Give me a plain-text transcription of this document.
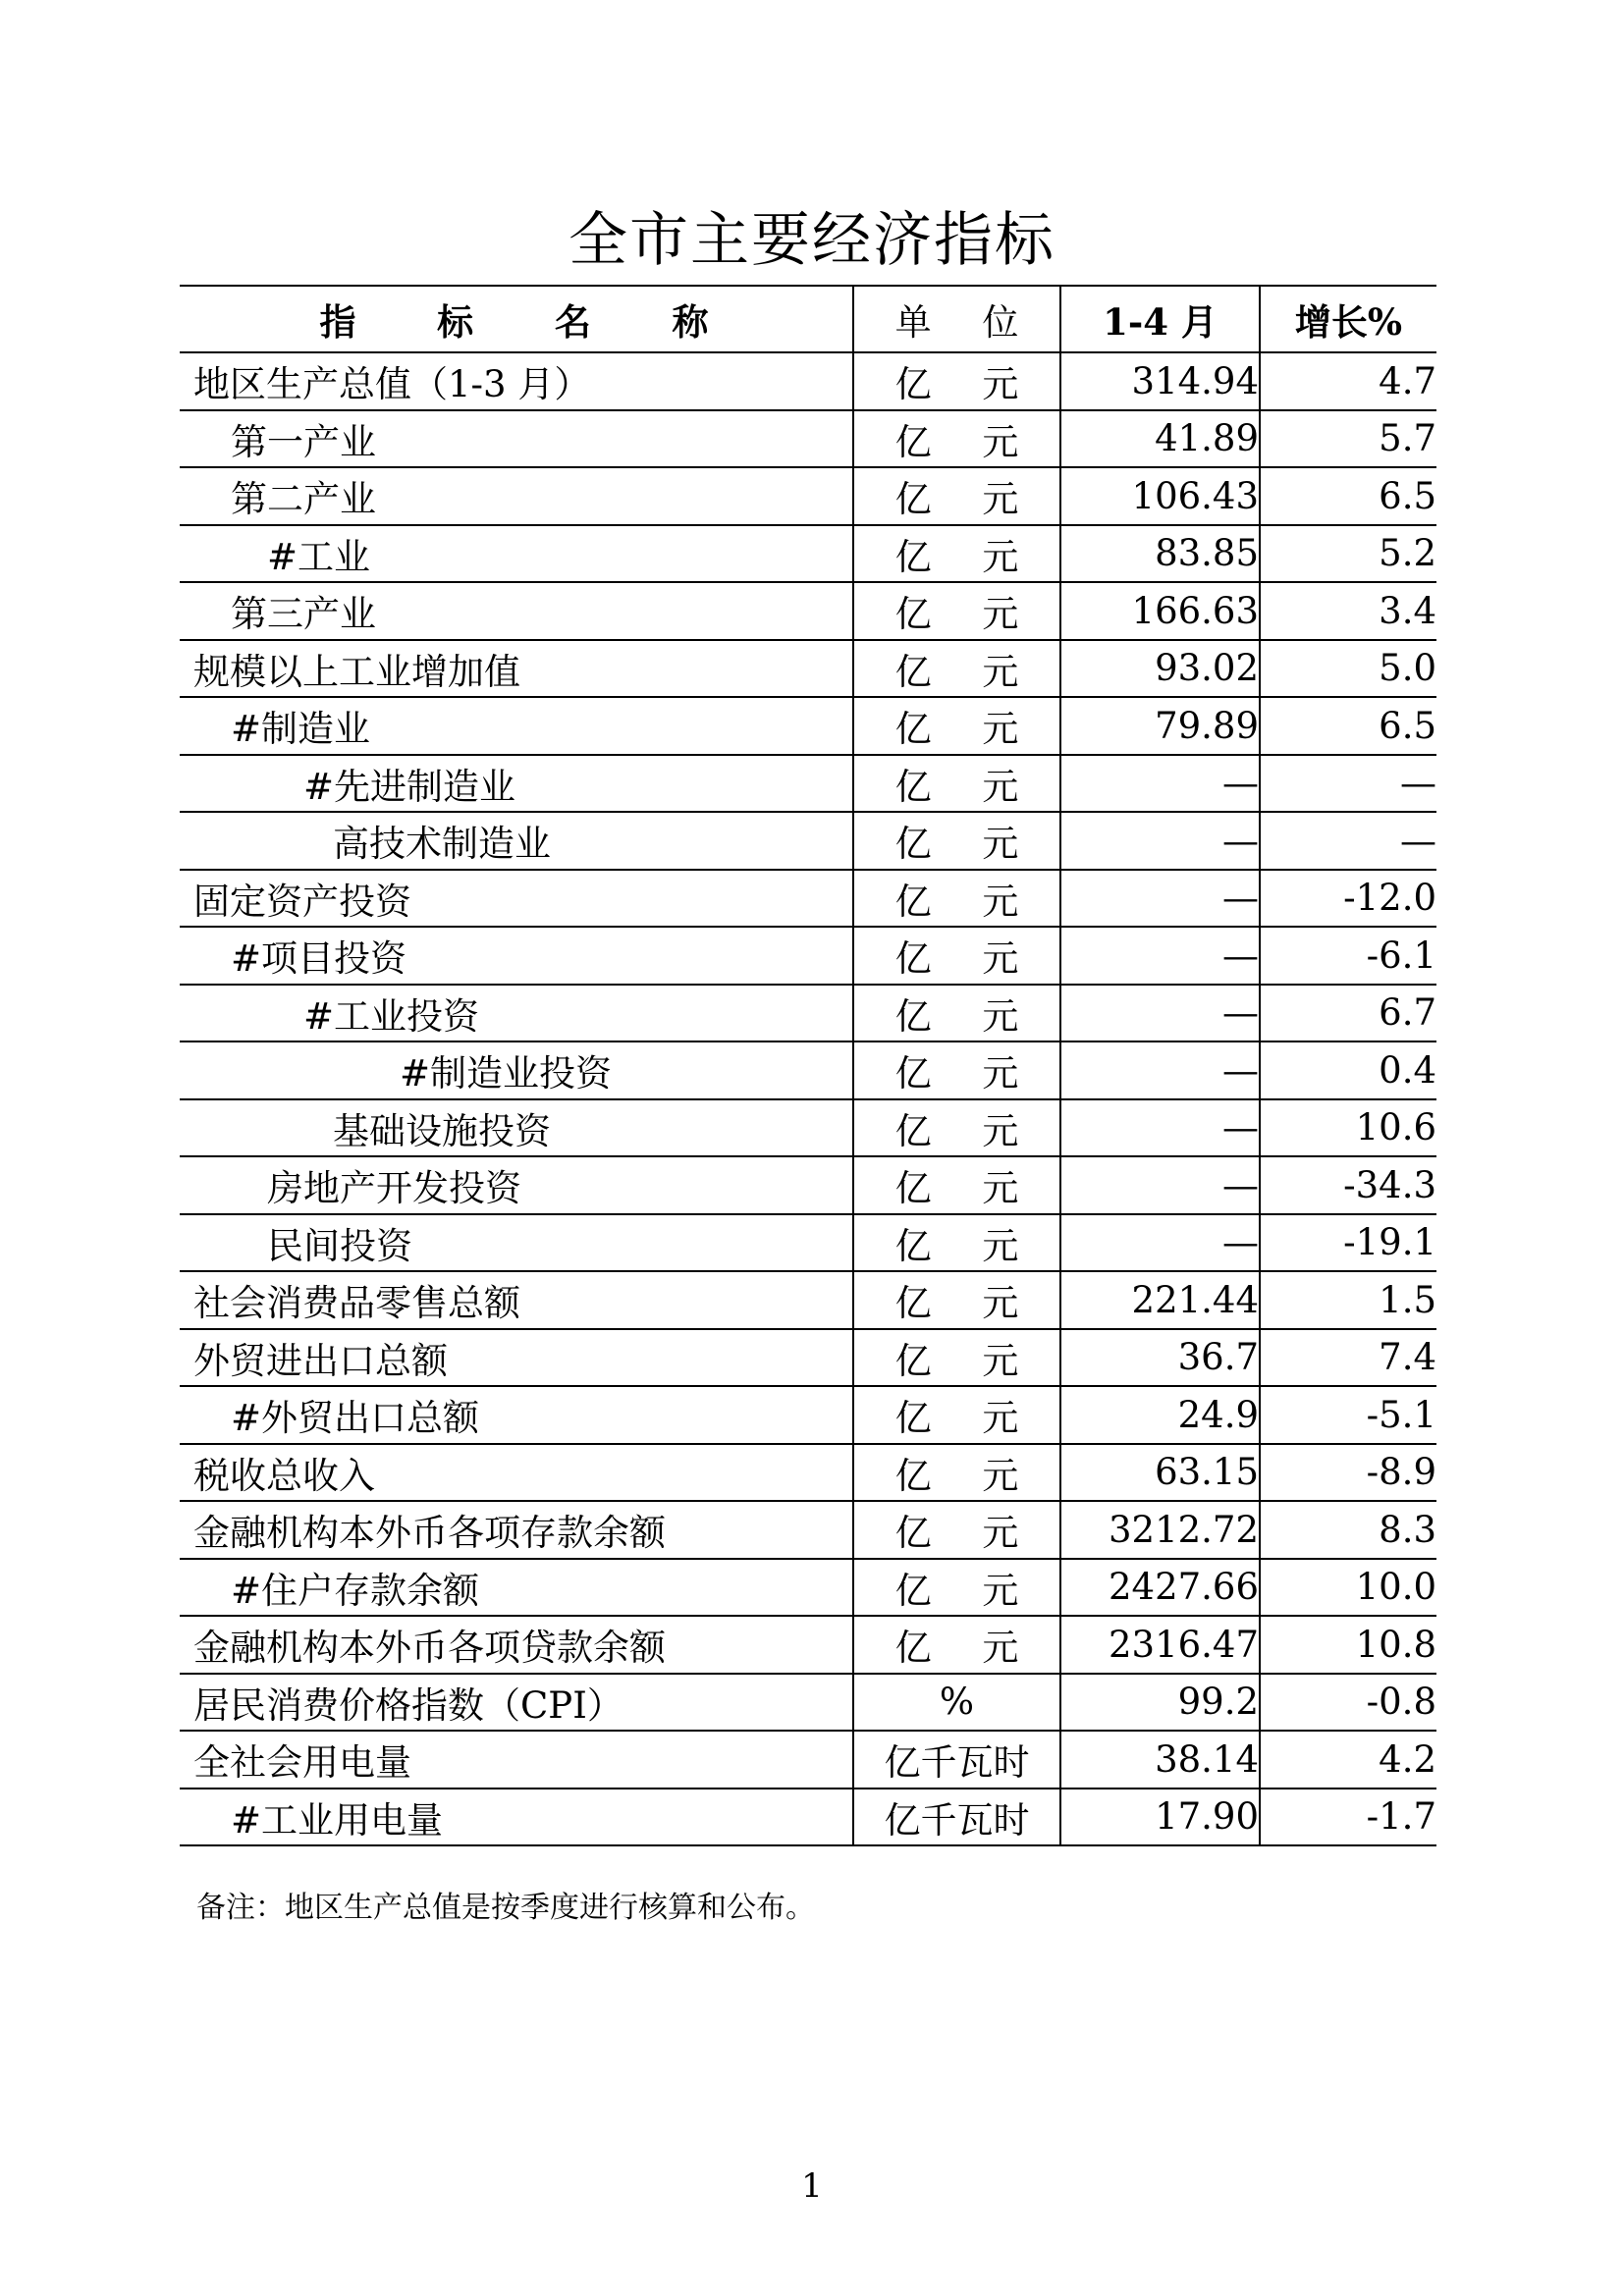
全市主要经济指标
指 标 名 称	单 位	1-4 月	增长%
地区生产总值（1-3 月）	亿 元	314.94	4.7
第一产业	亿 元	41.89	5.7
第二产业	亿 元	106.43	6.5
#工业	亿 元	83.85	5.2
第三产业	亿 元	166.63	3.4
规模以上工业增加值	亿 元	93.02	5.0
#制造业	亿 元	79.89	6.5
#先进制造业	亿 元	—	—
高技术制造业	亿 元	—	—
固定资产投资	亿 元	—	-12.0
#项目投资	亿 元	—	-6.1
#工业投资	亿 元	—	6.7
#制造业投资	亿 元	—	0.4
基础设施投资	亿 元	—	10.6
房地产开发投资	亿 元	—	-34.3
民间投资	亿 元	—	-19.1
社会消费品零售总额	亿 元	221.44	1.5
外贸进出口总额	亿 元	36.7	7.4
#外贸出口总额	亿 元	24.9	-5.1
税收总收入	亿 元	63.15	-8.9
金融机构本外币各项存款余额	亿 元	3212.72	8.3
#住户存款余额	亿 元	2427.66	10.0
金融机构本外币各项贷款余额	亿 元	2316.47	10.8
居民消费价格指数（CPI）	%	99.2	-0.8
全社会用电量	亿千瓦时	38.14	4.2
#工业用电量	亿千瓦时	17.90	-1.7
备注：地区生产总值是按季度进行核算和公布。
1
